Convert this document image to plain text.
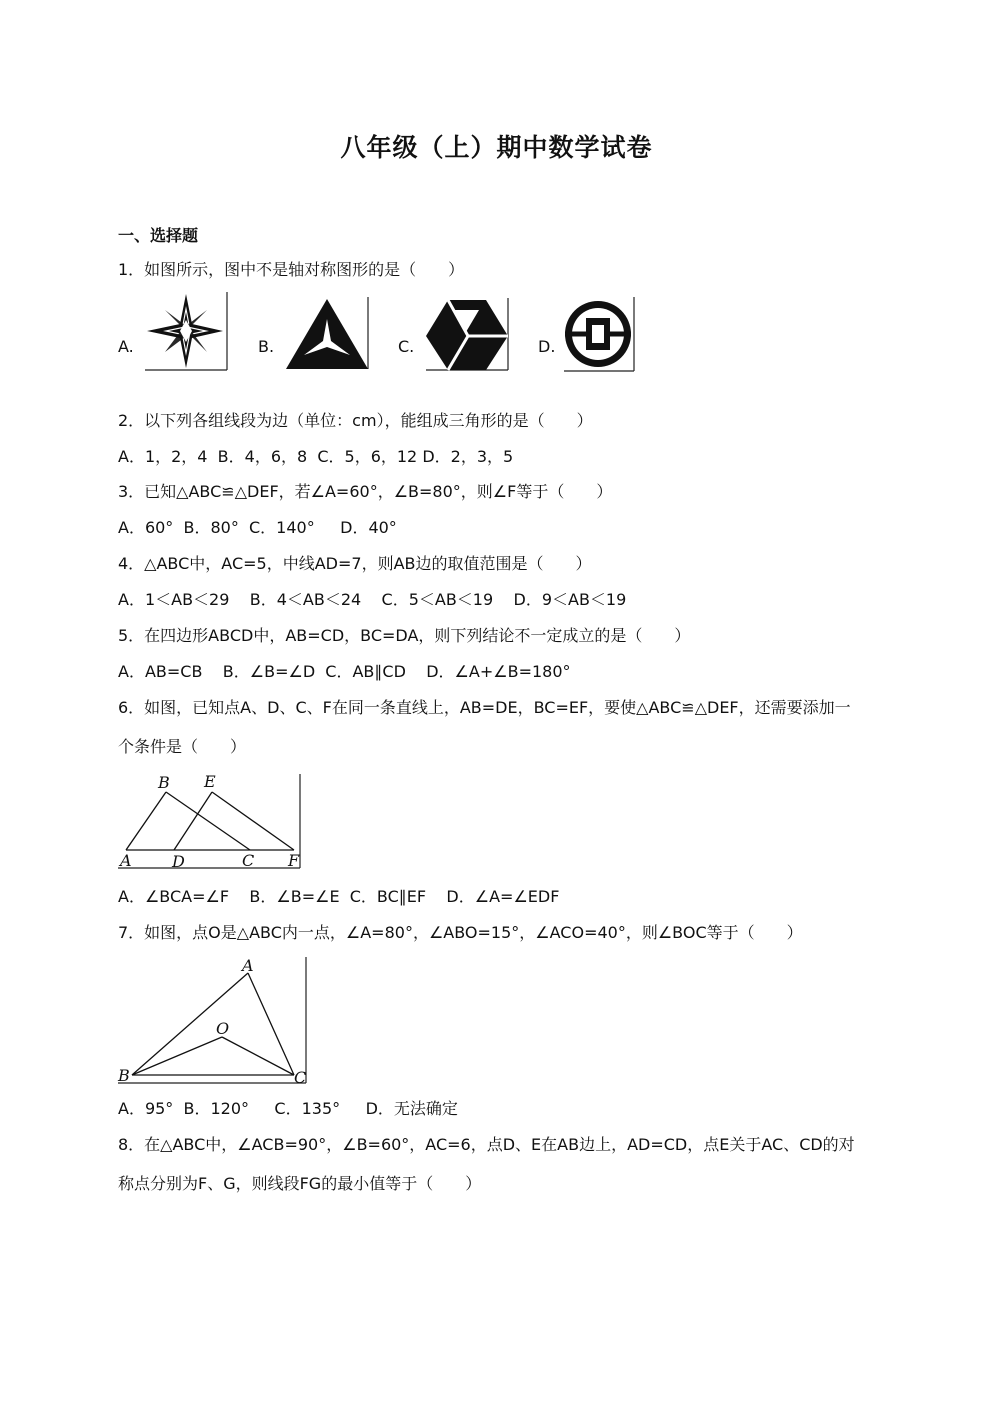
八年级（上）期中数学试卷
一、选择题
1．如图所示，图中不是轴对称图形的是（　　）
A.	B.	C.	D.
2．以下列各组线段为边（单位：cm），能组成三角形的是（　　）
A．1，2，4  B．4，6，8  C．5，6，12 D．2，3，5
3．已知△ABC≌△DEF，若∠A=60°，∠B=80°，则∠F等于（　　）
A．60°  B．80°  C．140°     D．40°
4．△ABC中，AC=5，中线AD=7，则AB边的取值范围是（　　）
A．1＜AB＜29    B．4＜AB＜24    C．5＜AB＜19    D．9＜AB＜19
5．在四边形ABCD中，AB=CD，BC=DA，则下列结论不一定成立的是（　　）
A．AB=CB    B．∠B=∠D  C．AB∥CD    D．∠A+∠B=180°
6．如图，已知点A、D、C、F在同一条直线上，AB=DE，BC=EF，要使△ABC≌△DEF，还需要添加一
个条件是（　　）
B E
A	D	C F
A．∠BCA=∠F    B．∠B=∠E  C．BC∥EF    D．∠A=∠EDF
7．如图，点O是△ABC内一点，∠A=80°，∠ABO=15°，∠ACO=40°，则∠BOC等于（　　）
A
O
B	C
A．95°  B．120°     C．135°     D．无法确定
8．在△ABC中，∠ACB=90°，∠B=60°，AC=6，点D、E在AB边上，AD=CD，点E关于AC、CD的对
称点分别为F、G，则线段FG的最小值等于（　　）
